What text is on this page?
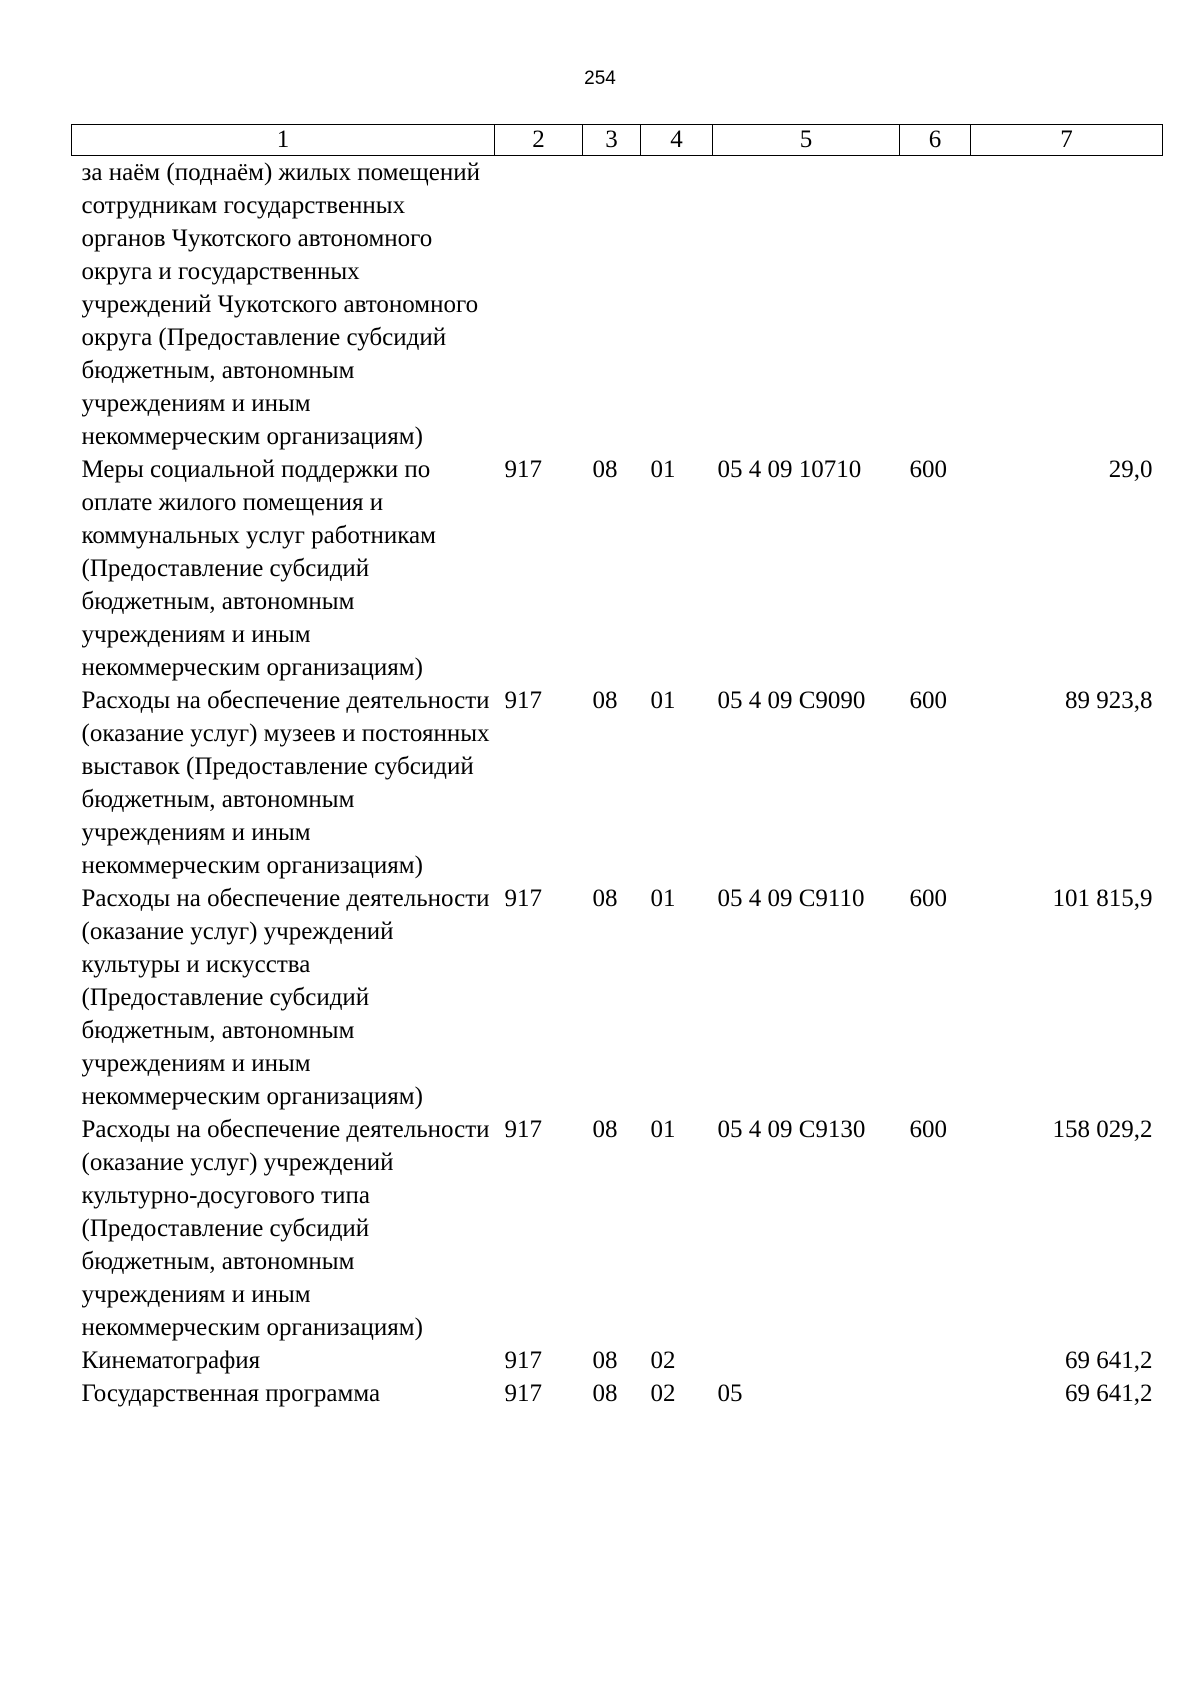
254
1	2	3	4	5	6	7
за наём (поднаём) жилых помещений сотрудникам государственных органов Чукотского автономного округа и государственных учреждений Чукотского автономного округа (Предоставление субсидий бюджетным, автономным учреждениям и иным некоммерческим организациям)						
Меры социальной поддержки по оплате жилого помещения и коммунальных услуг работникам (Предоставление субсидий бюджетным, автономным учреждениям и иным некоммерческим организациям)	917	08	01	05 4 09 10710	600	29,0
Расходы на обеспечение деятельности (оказание услуг) музеев и постоянных выставок (Предоставление субсидий бюджетным, автономным учреждениям и иным некоммерческим организациям)	917	08	01	05 4 09 С9090	600	89 923,8
Расходы на обеспечение деятельности (оказание услуг) учреждений культуры и искусства (Предоставление субсидий бюджетным, автономным учреждениям и иным некоммерческим организациям)	917	08	01	05 4 09 С9110	600	101 815,9
Расходы на обеспечение деятельности (оказание услуг) учреждений культурно-досугового типа (Предоставление субсидий бюджетным, автономным учреждениям и иным некоммерческим организациям)	917	08	01	05 4 09 С9130	600	158 029,2
Кинематография	917	08	02			69 641,2
Государственная программа	917	08	02	05		69 641,2
